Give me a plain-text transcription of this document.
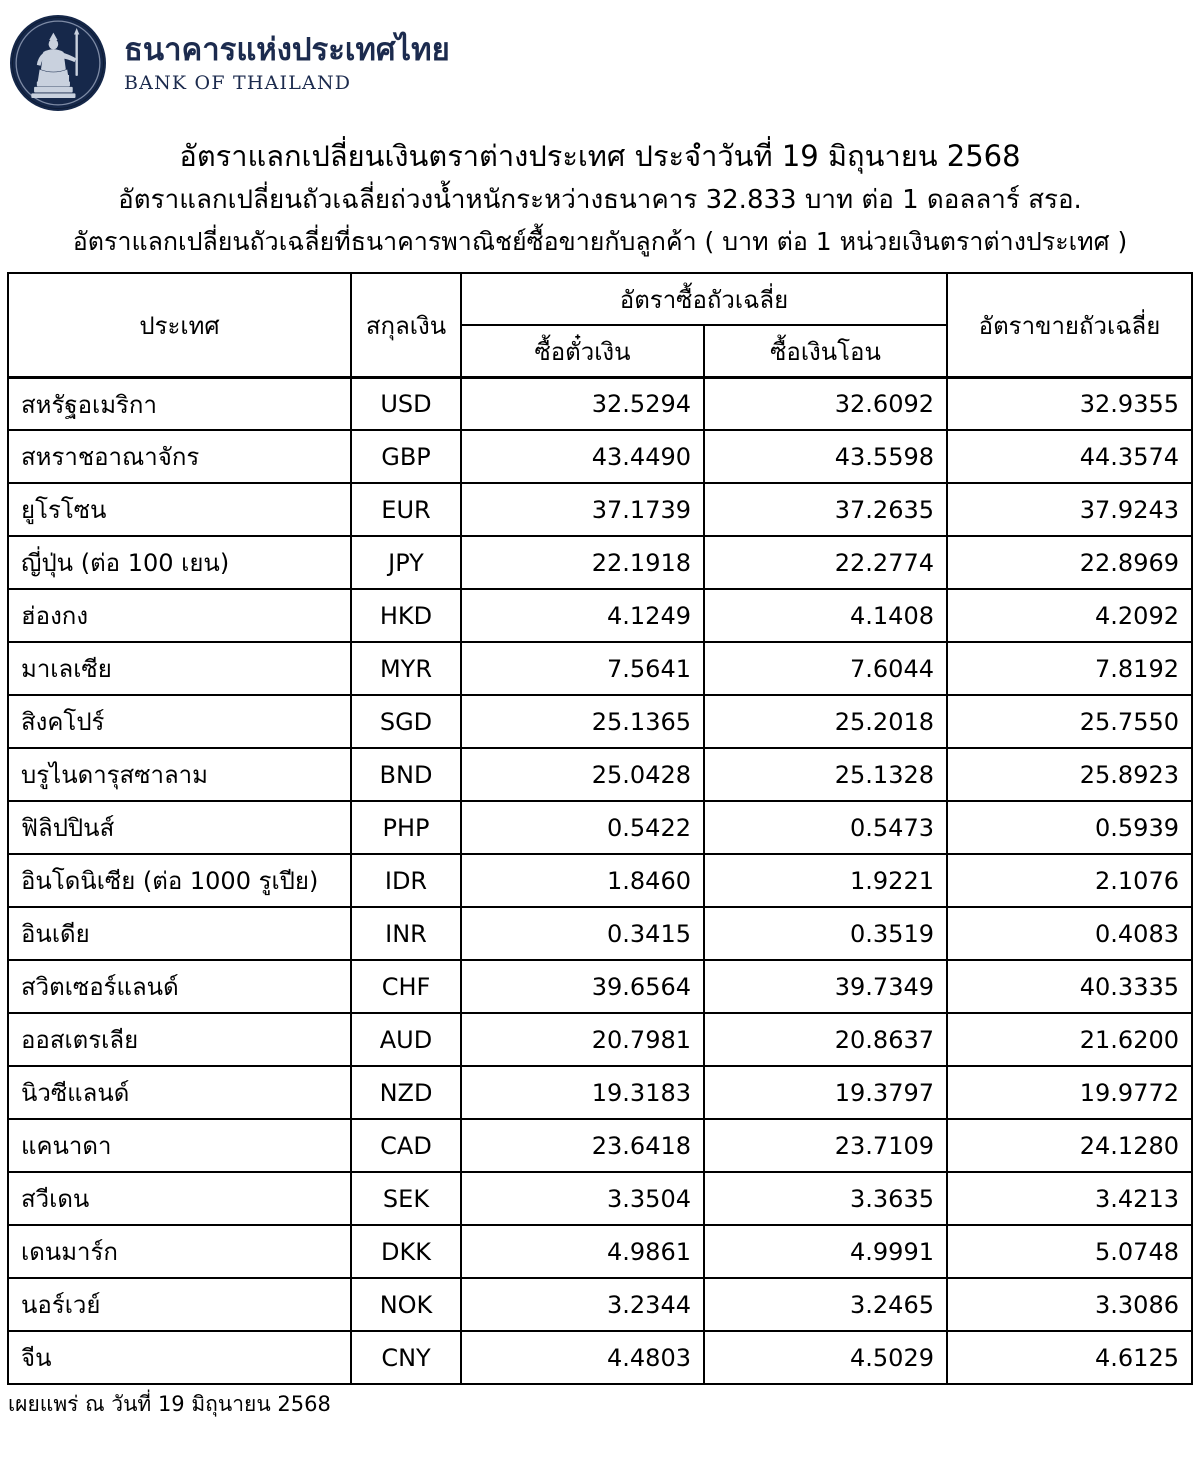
ธนาคารแห่งประเทศไทย
BANK OF THAILAND
อัตราแลกเปลี่ยนเงินตราต่างประเทศ ประจำวันที่ 19 มิถุนายน 2568
อัตราแลกเปลี่ยนถัวเฉลี่ยถ่วงน้ำหนักระหว่างธนาคาร 32.833 บาท ต่อ 1 ดอลลาร์ สรอ.
อัตราแลกเปลี่ยนถัวเฉลี่ยที่ธนาคารพาณิชย์ซื้อขายกับลูกค้า ( บาท ต่อ 1 หน่วยเงินตราต่างประเทศ )
ประเทศ	สกุลเงิน	อัตราซื้อถัวเฉลี่ย		อัตราขายถัวเฉลี่ย
		ซื้อตั๋วเงิน	ซื้อเงินโอน	
สหรัฐอเมริกา	USD	32.5294	32.6092	32.9355
สหราชอาณาจักร	GBP	43.4490	43.5598	44.3574
ยูโรโซน	EUR	37.1739	37.2635	37.9243
ญี่ปุ่น (ต่อ 100 เยน)	JPY	22.1918	22.2774	22.8969
ฮ่องกง	HKD	4.1249	4.1408	4.2092
มาเลเซีย	MYR	7.5641	7.6044	7.8192
สิงคโปร์	SGD	25.1365	25.2018	25.7550
บรูไนดารุสซาลาม	BND	25.0428	25.1328	25.8923
ฟิลิปปินส์	PHP	0.5422	0.5473	0.5939
อินโดนิเซีย (ต่อ 1000 รูเปีย)	IDR	1.8460	1.9221	2.1076
อินเดีย	INR	0.3415	0.3519	0.4083
สวิตเซอร์แลนด์	CHF	39.6564	39.7349	40.3335
ออสเตรเลีย	AUD	20.7981	20.8637	21.6200
นิวซีแลนด์	NZD	19.3183	19.3797	19.9772
แคนาดา	CAD	23.6418	23.7109	24.1280
สวีเดน	SEK	3.3504	3.3635	3.4213
เดนมาร์ก	DKK	4.9861	4.9991	5.0748
นอร์เวย์	NOK	3.2344	3.2465	3.3086
จีน	CNY	4.4803	4.5029	4.6125
เผยแพร่ ณ วันที่ 19 มิถุนายน 2568
